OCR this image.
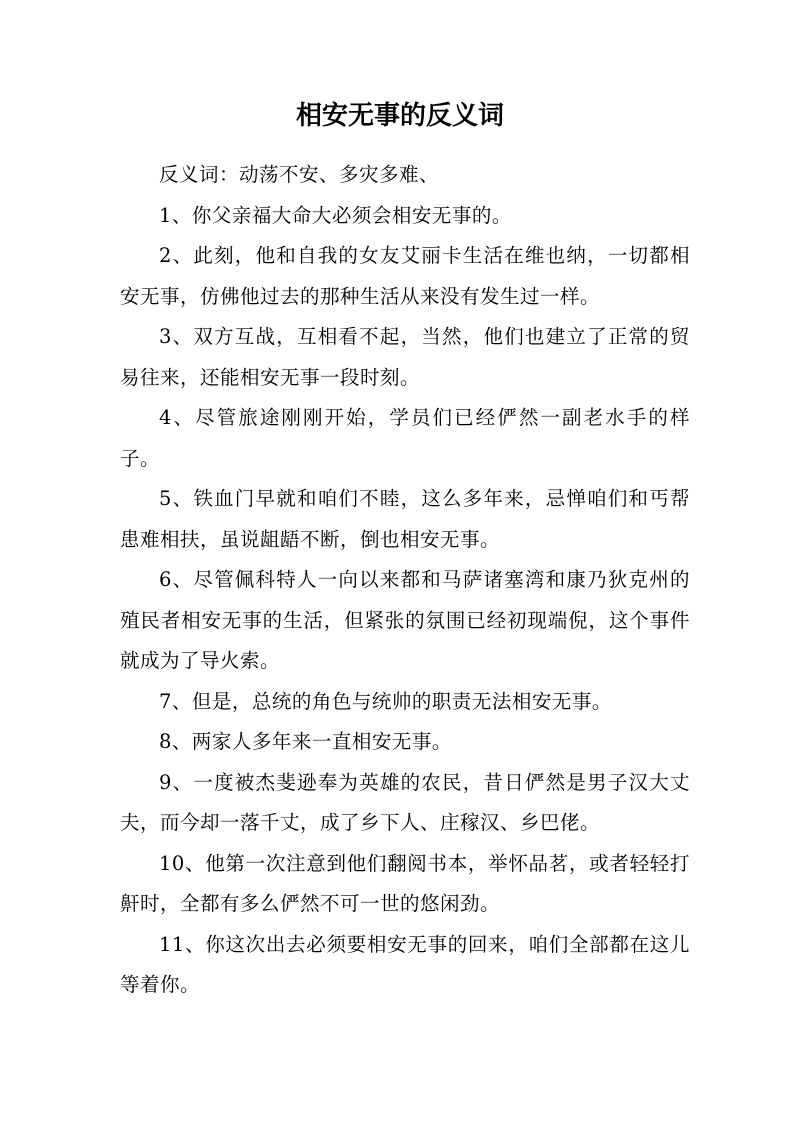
相安无事的反义词

反义词：动荡不安、多灾多难、

1、你父亲福大命大必须会相安无事的。

2、此刻，他和自我的女友艾丽卡生活在维也纳，一切都相安无事，仿佛他过去的那种生活从来没有发生过一样。

3、双方互战，互相看不起，当然，他们也建立了正常的贸易往来，还能相安无事一段时刻。

4、尽管旅途刚刚开始，学员们已经俨然一副老水手的样子。

5、铁血门早就和咱们不睦，这么多年来，忌惮咱们和丐帮患难相扶，虽说龃龉不断，倒也相安无事。

6、尽管佩科特人一向以来都和马萨诸塞湾和康乃狄克州的殖民者相安无事的生活，但紧张的氛围已经初现端倪，这个事件就成为了导火索。

7、但是，总统的角色与统帅的职责无法相安无事。

8、两家人多年来一直相安无事。

9、一度被杰斐逊奉为英雄的农民，昔日俨然是男子汉大丈夫，而今却一落千丈，成了乡下人、庄稼汉、乡巴佬。

10、他第一次注意到他们翻阅书本，举怀品茗，或者轻轻打鼾时，全都有多么俨然不可一世的悠闲劲。

11、你这次出去必须要相安无事的回来，咱们全部都在这儿等着你。
